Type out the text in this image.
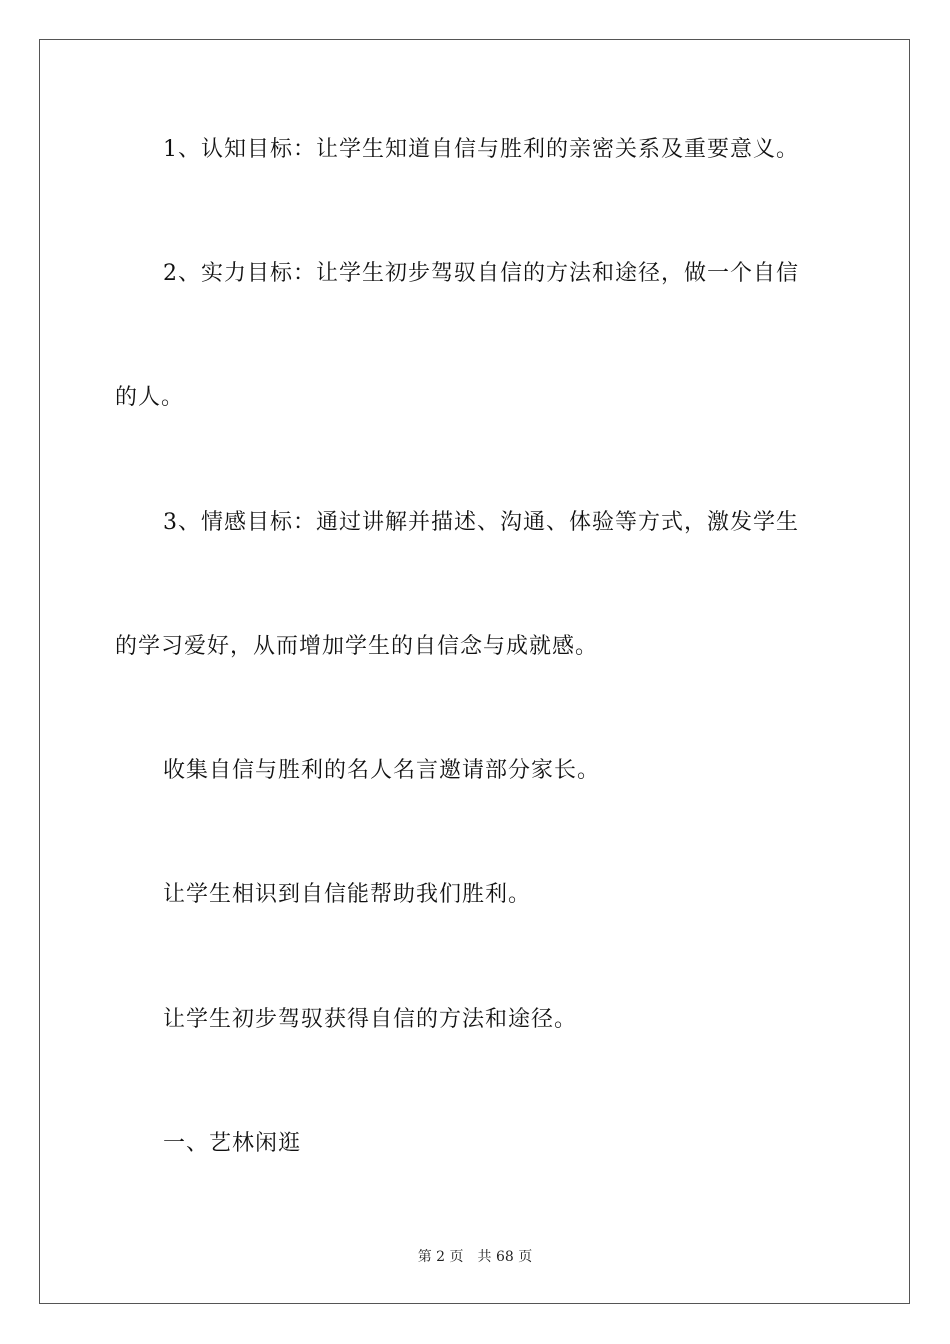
1、认知目标：让学生知道自信与胜利的亲密关系及重要意义。
2、实力目标：让学生初步驾驭自信的方法和途径，做一个自信
的人。
3、情感目标：通过讲解并描述、沟通、体验等方式，激发学生
的学习爱好，从而增加学生的自信念与成就感。
收集自信与胜利的名人名言邀请部分家长。
让学生相识到自信能帮助我们胜利。
让学生初步驾驭获得自信的方法和途径。
一、艺林闲逛
第 2 页 共 68 页
